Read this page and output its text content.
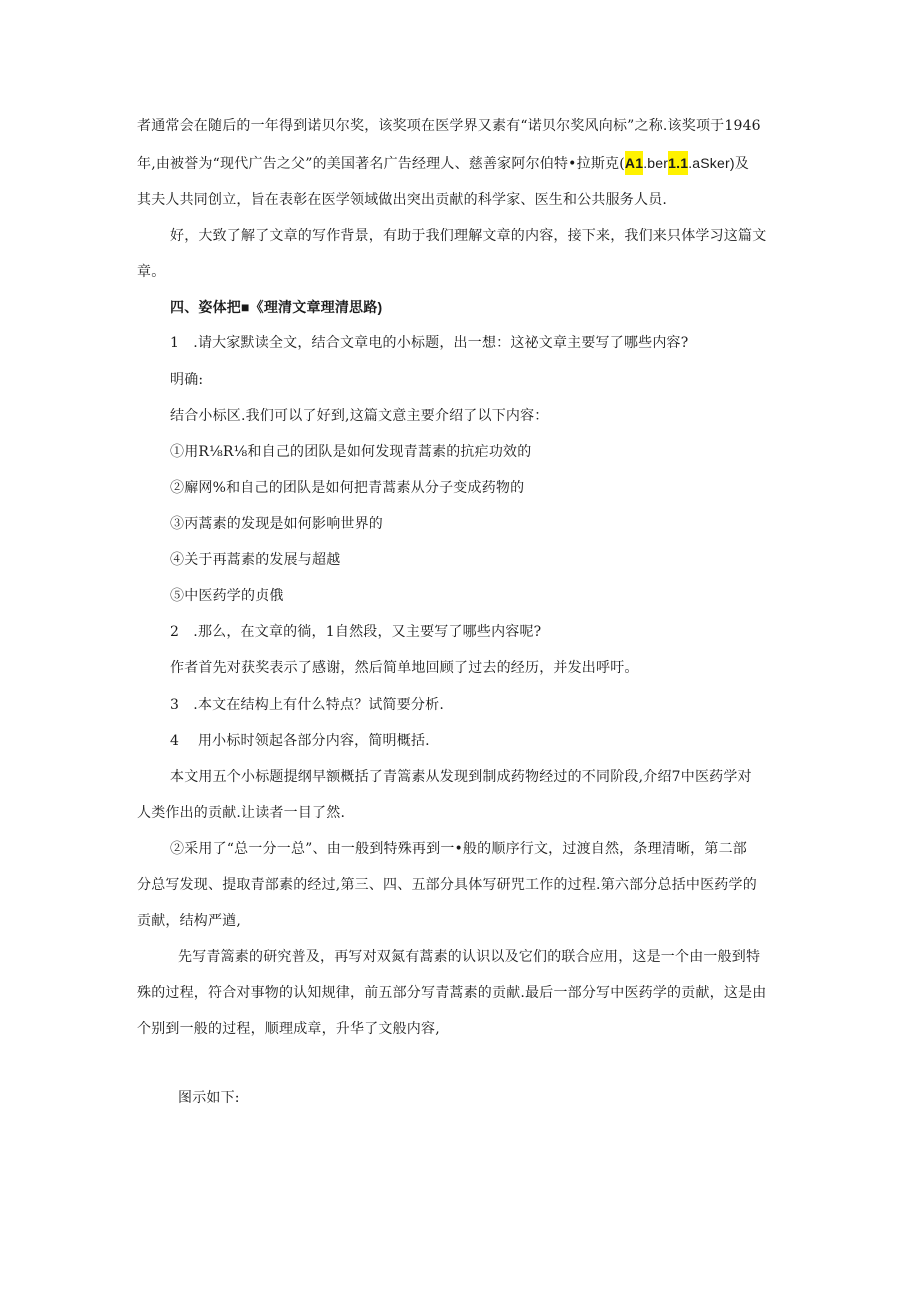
者通常会在随后的一年得到诺贝尔奖，该奖项在医学界又素有“诺贝尔奖风向标”之称.该奖项于1946
年,由被誉为“现代广告之父”的美国著名广告经理人、慈善家阿尔伯特•拉斯克(A1.ber1.1.aSker)及
其夫人共同创立，旨在表彰在医学领域做出突出贡献的科学家、医生和公共服务人员.
好，大致了解了文章的写作背景，有助于我们理解文章的内容，接下来，我们来只体学习这篇文
章。
四、姿体把■《理清文章理清思路)
1　.请大家默读全文，结合文章电的小标题，出一想：这祕文章主要写了哪些内容?
明确:
结合小标区.我们可以了好到,这篇文意主要介绍了以下内容：
①用R⅛R⅛和自己的团队是如何发现青蒿素的抗疟功效的
②廨网%和自己的团队是如何把青蒿素从分子变成药物的
③丙蒿素的发现是如何影响世界的
④关于再蒿素的发展与超越
⑤中医药学的贞俄
2　.那么，在文章的徜，1自然段，又主要写了哪些内容呢?
作者首先对获奖表示了感谢，然后简单地回顾了过去的经历，并发出呼吁。
3　.本文在结构上有什么特点？试简要分析.
4　 用小标时领起各部分内容，简明概括.
本文用五个小标题提纲早额概括了青篙素从发现到制成药物经过的不同阶段,介绍7中医药学对
人类作出的贡献.让读者一目了然.
②采用了“总一分一总”、由一般到特殊再到一•般的顺序行文，过渡自然，条理清晰，第二部
分总写发现、提取青部素的经过,第三、四、五部分具体写研咒工作的过程.第六部分总括中医药学的
贡献，结构严遒,
先写青篙素的研究普及，再写对双氮有蒿素的认识以及它们的联合应用，这是一个由一般到特
殊的过程，符合对事物的认知规律，前五部分写青蒿素的贡献.最后一部分写中医药学的贡献，这是由
个别到一般的过程，顺理成章，升华了文般内容,
图示如下:
